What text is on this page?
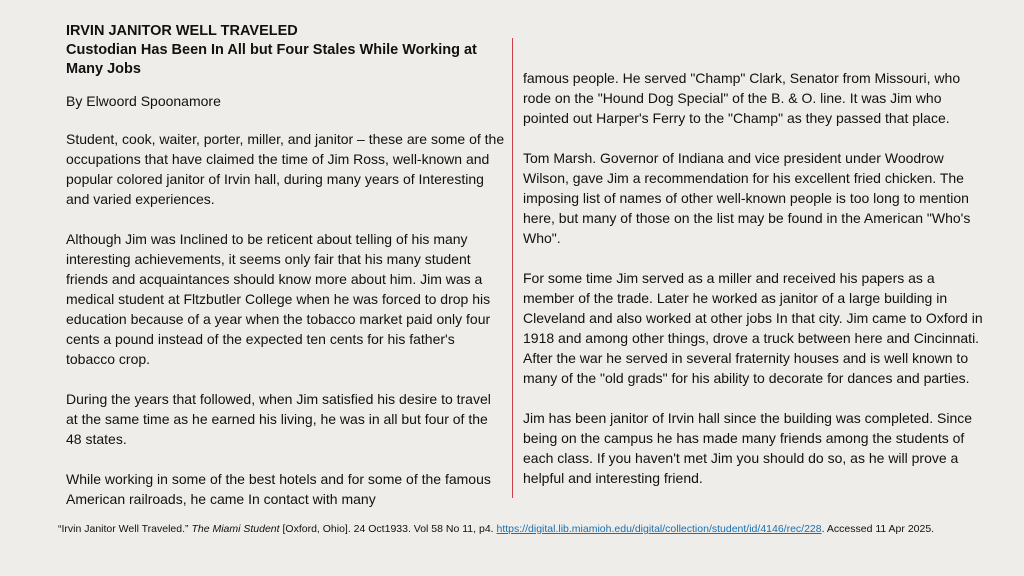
IRVIN JANITOR WELL TRAVELED
Custodian Has Been In All but Four Stales While Working at Many Jobs
By Elwoord Spoonamore

Student, cook, waiter, porter, miller, and janitor – these are some of the occupations that have claimed the time of Jim Ross, well-known and popular colored janitor of Irvin hall, during many years of Interesting and varied experiences.

Although Jim was Inclined to be reticent about telling of his many interesting achievements, it seems only fair that his many student friends and acquaintances should know more about him. Jim was a medical student at Fltzbutler College when he was forced to drop his education because of a year when the tobacco market paid only four cents a pound instead of the expected ten cents for his father's tobacco crop.

During the years that followed, when Jim satisfied his desire to travel at the same time as he earned his living, he was in all but four of the 48 states.

While working in some of the best hotels and for some of the famous American railroads, he came In contact with many

famous people. He served "Champ" Clark, Senator from Missouri, who rode on the "Hound Dog Special" of the B. & O. line. It was Jim who pointed out Harper's Ferry to the "Champ" as they passed that place.

Tom Marsh. Governor of Indiana and vice president under Woodrow Wilson, gave Jim a recommendation for his excellent fried chicken. The imposing list of names of other well-known people is too long to mention here, but many of those on the list may be found in the American "Who's Who".

For some time Jim served as a miller and received his papers as a member of the trade. Later he worked as janitor of a large building in Cleveland and also worked at other jobs In that city. Jim came to Oxford in 1918 and among other things, drove a truck between here and Cincinnati. After the war he served in several fraternity houses and is well known to many of the "old grads" for his ability to decorate for dances and parties.

Jim has been janitor of Irvin hall since the building was completed. Since being on the campus he has made many friends among the students of each class. If you haven't met Jim you should do so, as he will prove a helpful and interesting friend.

“Irvin Janitor Well Traveled.” The Miami Student [Oxford, Ohio]. 24 Oct1933. Vol 58 No 11, p4. https://digital.lib.miamioh.edu/digital/collection/student/id/4146/rec/228. Accessed 11 Apr 2025.
